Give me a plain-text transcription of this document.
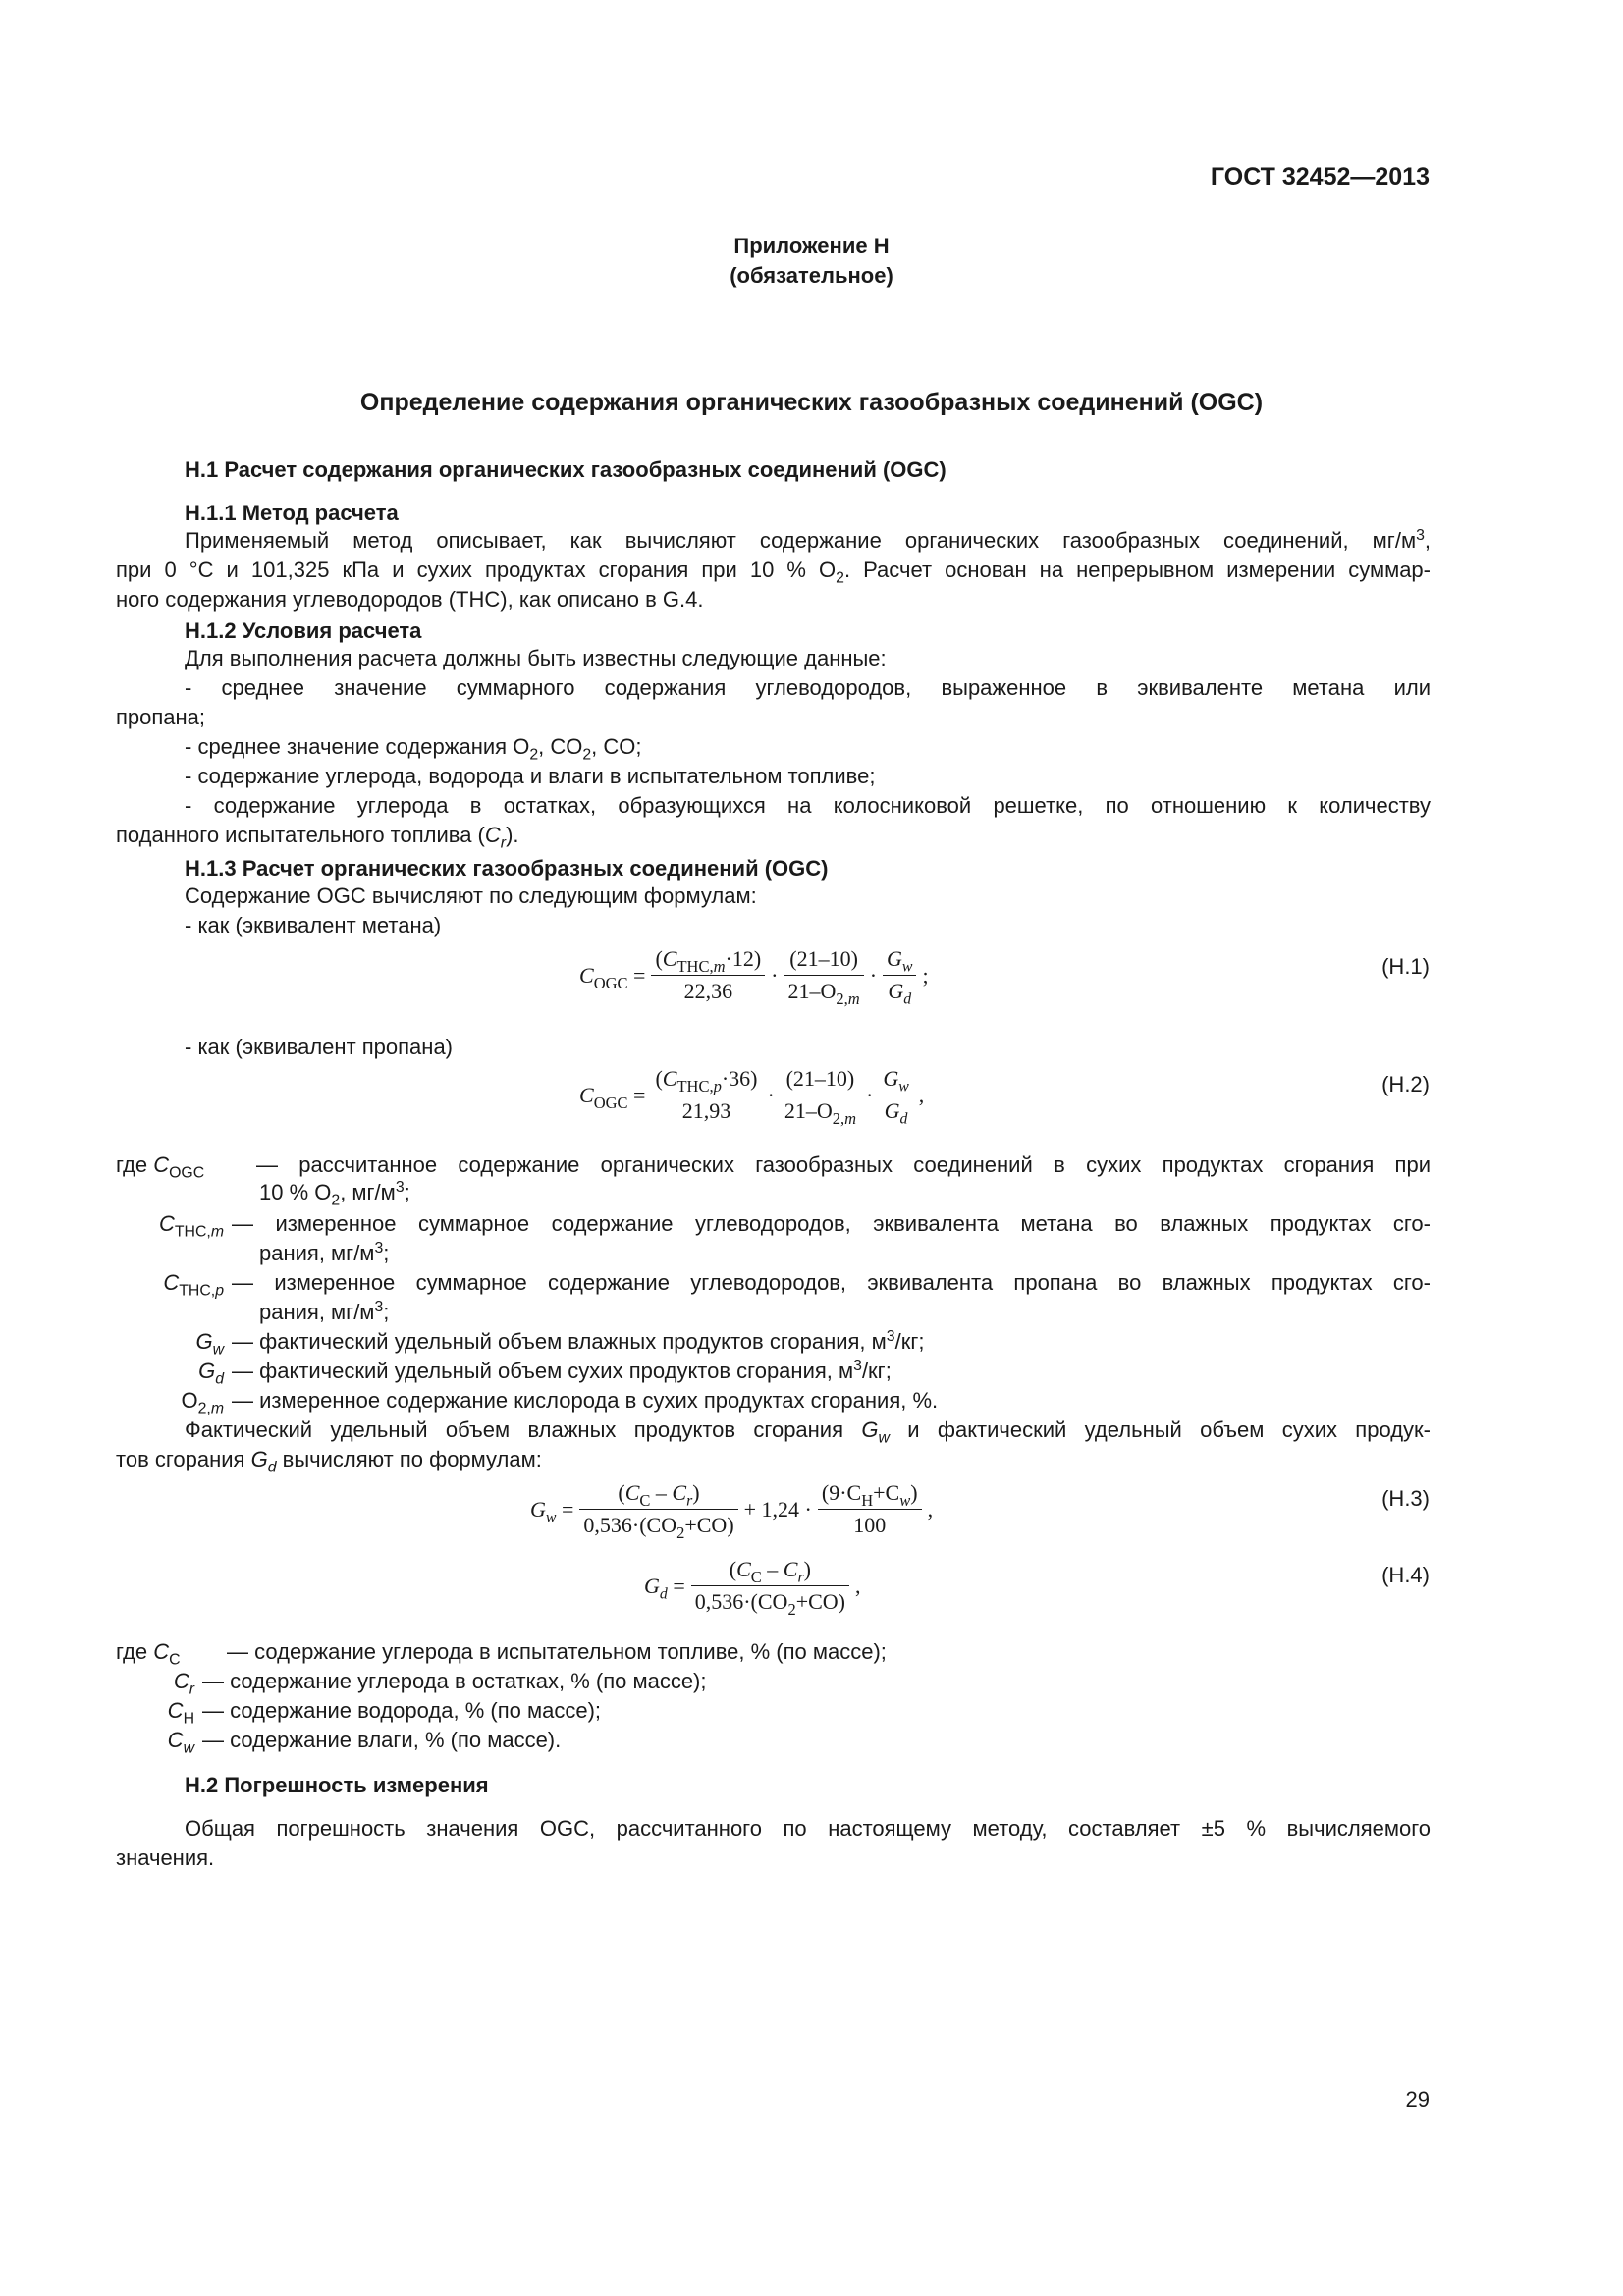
ГОСТ 32452—2013
Приложение Н
(обязательное)
Определение содержания органических газообразных соединений (OGC)
Н.1 Расчет содержания органических газообразных соединений (OGC)
Н.1.1 Метод расчета
Применяемый метод описывает, как вычисляют содержание органических газообразных соединений, $мг/м^3$,
при 0 °С и 101,325 кПа и сухих продуктах сгорания при 10 % $O_2$. Расчет основан на непрерывном измерении суммар-
ного содержания углеводородов (THC), как описано в G.4.
Н.1.2 Условия расчета
Для выполнения расчета должны быть известны следующие данные:
- среднее значение суммарного содержания углеводородов, выраженное в эквиваленте метана или
пропана;
- среднее значение содержания $O_2$, $CO_2$, CO;
- содержание углерода, водорода и влаги в испытательном топливе;
- содержание углерода в остатках, образующихся на колосниковой решетке, по отношению к количеству
поданного испытательного топлива $(C_r)$.
Н.1.3 Расчет органических газообразных соединений (OGC)
Содержание OGC вычисляют по следующим формулам:
- как (эквивалент метана)
$C_{OGC} = \frac{(C_{THC,m}\cdot 12)}{22,36} \cdot \frac{(21-10)}{21-O_{2,m}} \cdot \frac{G_w}{G_d}$ ;	(Н.1)
- как (эквивалент пропана)
$C_{OGC} = \frac{(C_{THC,p}\cdot 36)}{21,93} \cdot \frac{(21-10)}{21-O_{2,m}} \cdot \frac{G_w}{G_d}$ ,	(Н.2)
где $C_{OGC}$ — рассчитанное содержание органических газообразных соединений в сухих продуктах сгорания при
10 % $O_2$, $мг/м^3$;
$C_{THC,m}$ — измеренное суммарное содержание углеводородов, эквивалента метана во влажных продуктах сго-
рания, $мг/м^3$;
$C_{THC,p}$ — измеренное суммарное содержание углеводородов, эквивалента пропана во влажных продуктах сго-
рания, $мг/м^3$;
$G_w$ — фактический удельный объем влажных продуктов сгорания, $м^3/кг$;
$G_d$ — фактический удельный объем сухих продуктов сгорания, $м^3/кг$;
$O_{2,m}$ — измеренное содержание кислорода в сухих продуктах сгорания, %.
Фактический удельный объем влажных продуктов сгорания $G_w$ и фактический удельный объем сухих продук-
тов сгорания $G_d$ вычисляют по формулам:
$G_w = \frac{(C_C - C_r)}{0,536\cdot(CO_2+CO)} + 1,24 \cdot \frac{(9\cdot C_H+C_w)}{100}$ ,	(Н.3)
$G_d = \frac{(C_C - C_r)}{0,536\cdot(CO_2+CO)}$ ,	(Н.4)
где $C_C$ — содержание углерода в испытательном топливе, % (по массе);
$C_r$ — содержание углерода в остатках, % (по массе);
$C_H$ — содержание водорода, % (по массе);
$C_w$ — содержание влаги, % (по массе).
Н.2 Погрешность измерения
Общая погрешность значения OGC, рассчитанного по настоящему методу, составляет ±5 % вычисляемого
значения.
29
